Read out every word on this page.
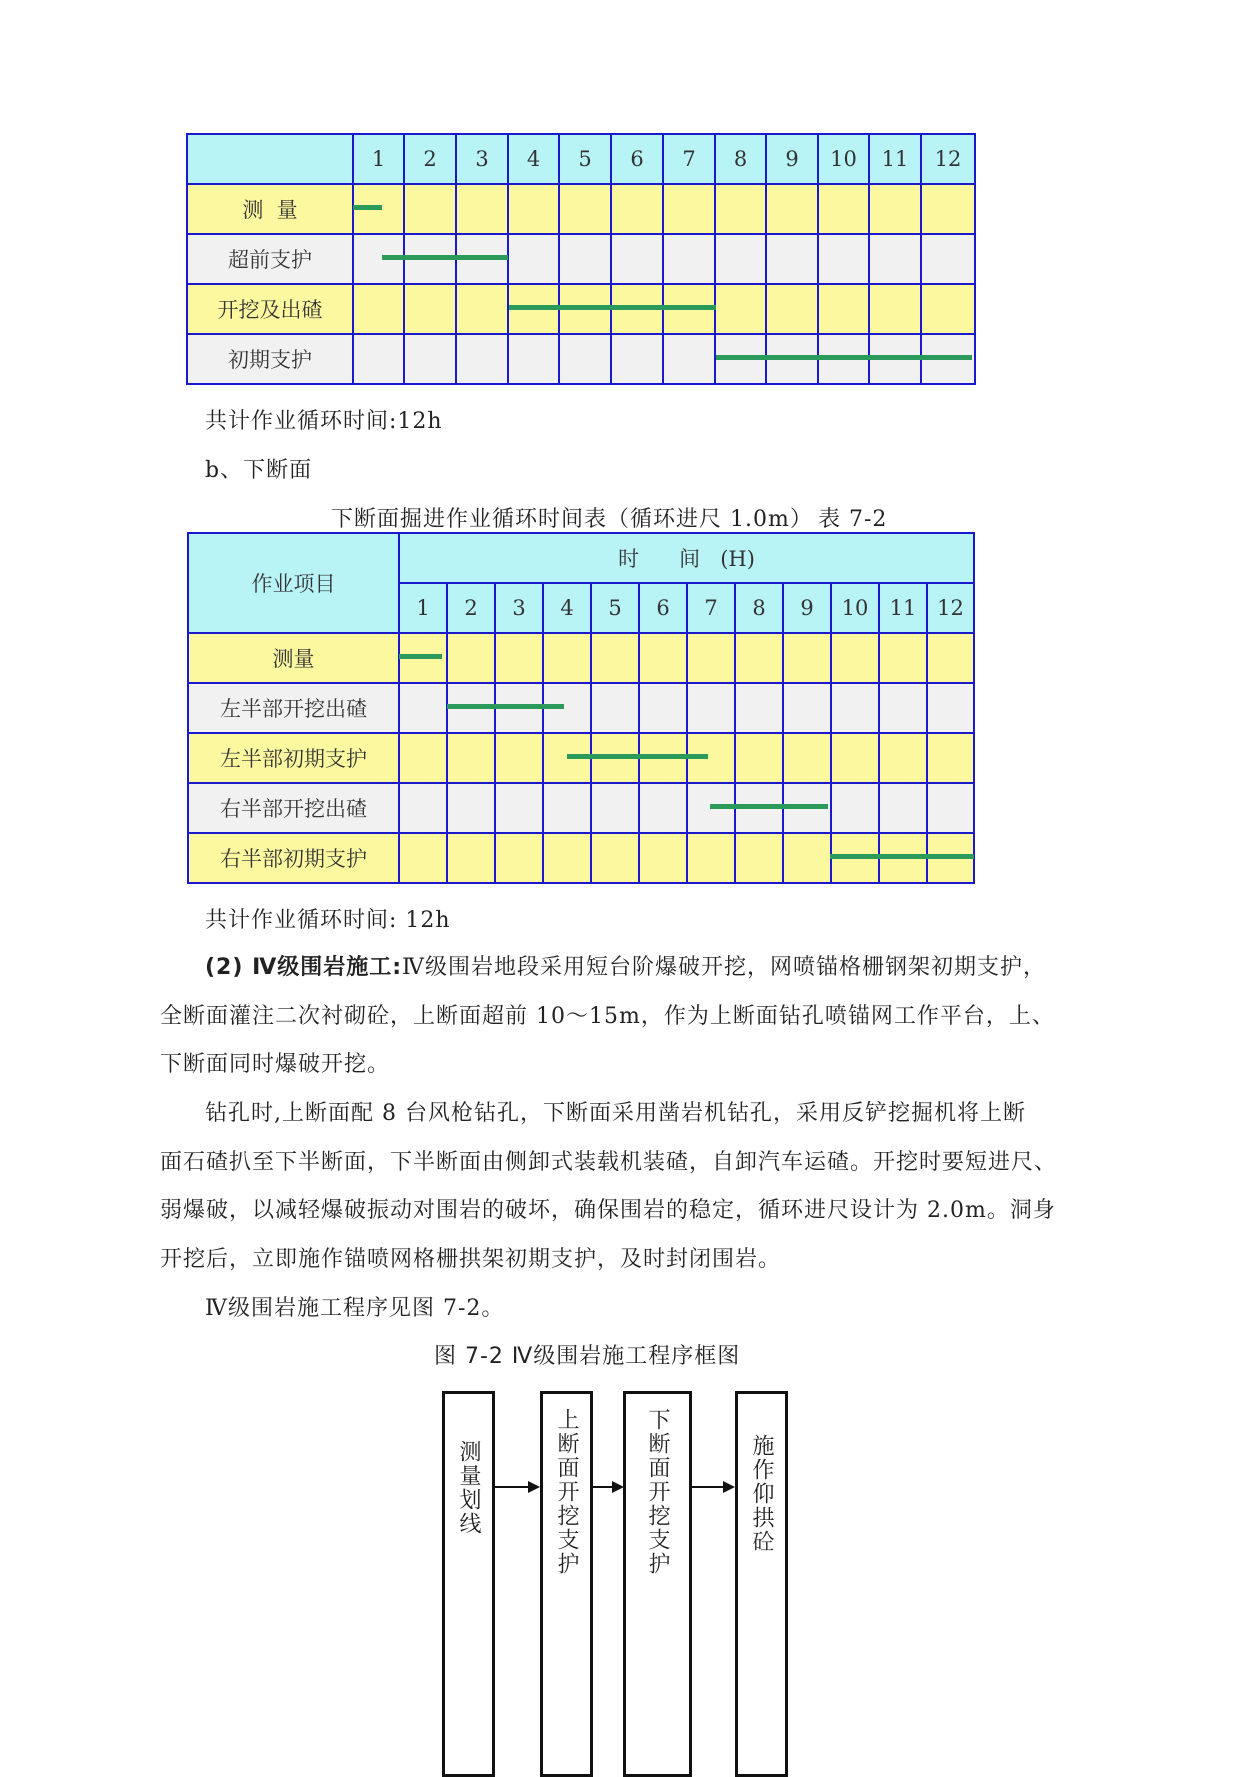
	1	2	3	4	5	6	7	8	9	10	11	12
测  量												
超前支护												
开挖及出碴												
初期支护												
共计作业循环时间:12h
b、下断面
下断面掘进作业循环时间表（循环进尺 1.0m） 表 7-2
作业项目	时      间   (H)											
	1	2	3	4	5	6	7	8	9	10	11	12
测量												
左半部开挖出碴												
左半部初期支护												
右半部开挖出碴												
右半部初期支护												
共计作业循环时间: 12h
(2) Ⅳ级围岩施工:Ⅳ级围岩地段采用短台阶爆破开挖，网喷锚格栅钢架初期支护，
全断面灌注二次衬砌砼，上断面超前 10～15m，作为上断面钻孔喷锚网工作平台，上、
下断面同时爆破开挖。
钻孔时,上断面配 8 台风枪钻孔，下断面采用凿岩机钻孔，采用反铲挖掘机将上断
面石碴扒至下半断面，下半断面由侧卸式装载机装碴，自卸汽车运碴。开挖时要短进尺、
弱爆破，以减轻爆破振动对围岩的破坏，确保围岩的稳定，循环进尺设计为 2.0m。洞身
开挖后，立即施作锚喷网格栅拱架初期支护，及时封闭围岩。
Ⅳ级围岩施工程序见图 7-2。
图 7-2 Ⅳ级围岩施工程序框图
测量划线	上断面开挖支护	下断面开挖支护	施作仰拱砼
